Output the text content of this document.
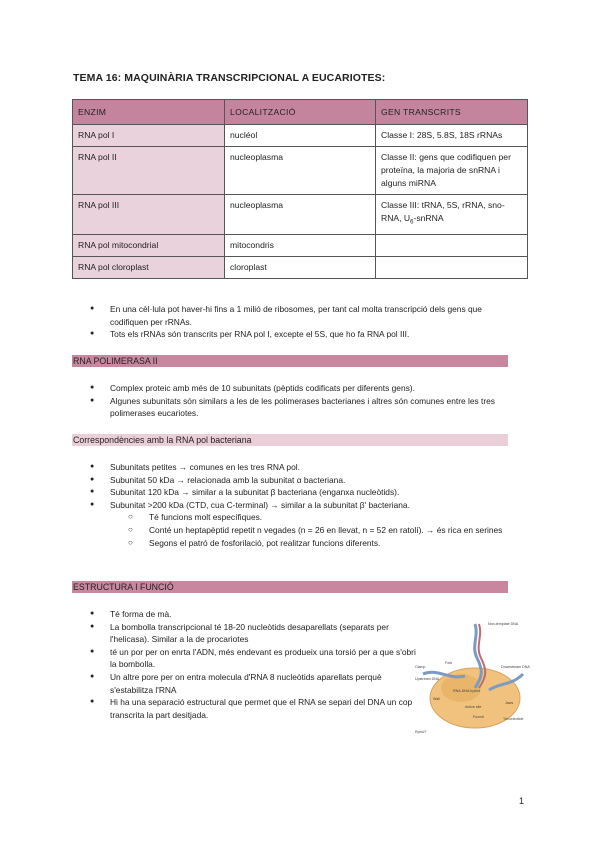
TEMA 16: MAQUINÀRIA TRANSCRIPCIONAL A EUCARIOTES:
ENZIM	LOCALITZACIÓ	GEN TRANSCRITS
RNA pol I	nucléol	Classe I: 28S, 5.8S, 18S rRNAs
RNA pol II	nucleoplasma	Classe II: gens que codifiquen per proteïna, la majoria de snRNA i alguns miRNA
RNA pol III	nucleoplasma	Classe III: tRNA, 5S, rRNA, sno-RNA, $U_6$-snRNA
RNA pol mitocondrial	mitocondris	
RNA pol cloroplast	cloroplast	
● En una cèl·lula pot haver-hi fins a 1 milió de ribosomes, per tant cal molta transcripció dels gens que codifiquen per rRNAs.
● Tots els rRNAs són transcrits per RNA pol I, excepte el 5S, que ho fa RNA pol III.
RNA POLIMERASA II
● Complex proteic amb més de 10 subunitats (pèptids codificats per diferents gens).
● Algunes subunitats són similars a les de les polimerases bacterianes i altres són comunes entre les tres polimerases eucariotes.
Correspondències amb la RNA pol bacteriana
● Subunitats petites → comunes en les tres RNA pol.
● Subunitat 50 kDa → relacionada amb la subunitat α bacteriana.
● Subunitat 120 kDa → similar a la subunitat β bacteriana (enganxa nucleòtids).
● Subunitat >200 kDa (CTD, cua C-terminal) → similar a la subunitat β' bacteriana.
○ Té funcions molt específiques.
○ Conté un heptapèptid repetit n vegades (n = 26 en llevat, n = 52 en ratolí). → és rica en serines
○ Segons el patró de fosforilació, pot realitzar funcions diferents.
ESTRUCTURA I FUNCIÓ
● Té forma de mà.
● La bombolla transcripcional té 18-20 nucleòtids desaparellats (separats per l'helicasa). Similar a la de procariotes
● té un por per on enrta l'ADN, més endevant es produeix una torsió per a que s'obri la bombolla.
● Un altre pore per on entra molecula d'RNA 8 nucleòtids aparellats perquè s'estabilitza l'RNA
● Hi ha una separació estructural que permet que el RNA se separi del DNA un cop transcrita la part desitjada.
Non-template DNA
Fork
Clamp
RNA-DNA hybrid
Upstream DNA
Active site
Wall
Funnel
Jaws
Rpb4/7
Trinucleotide
Downstream DNA
1
